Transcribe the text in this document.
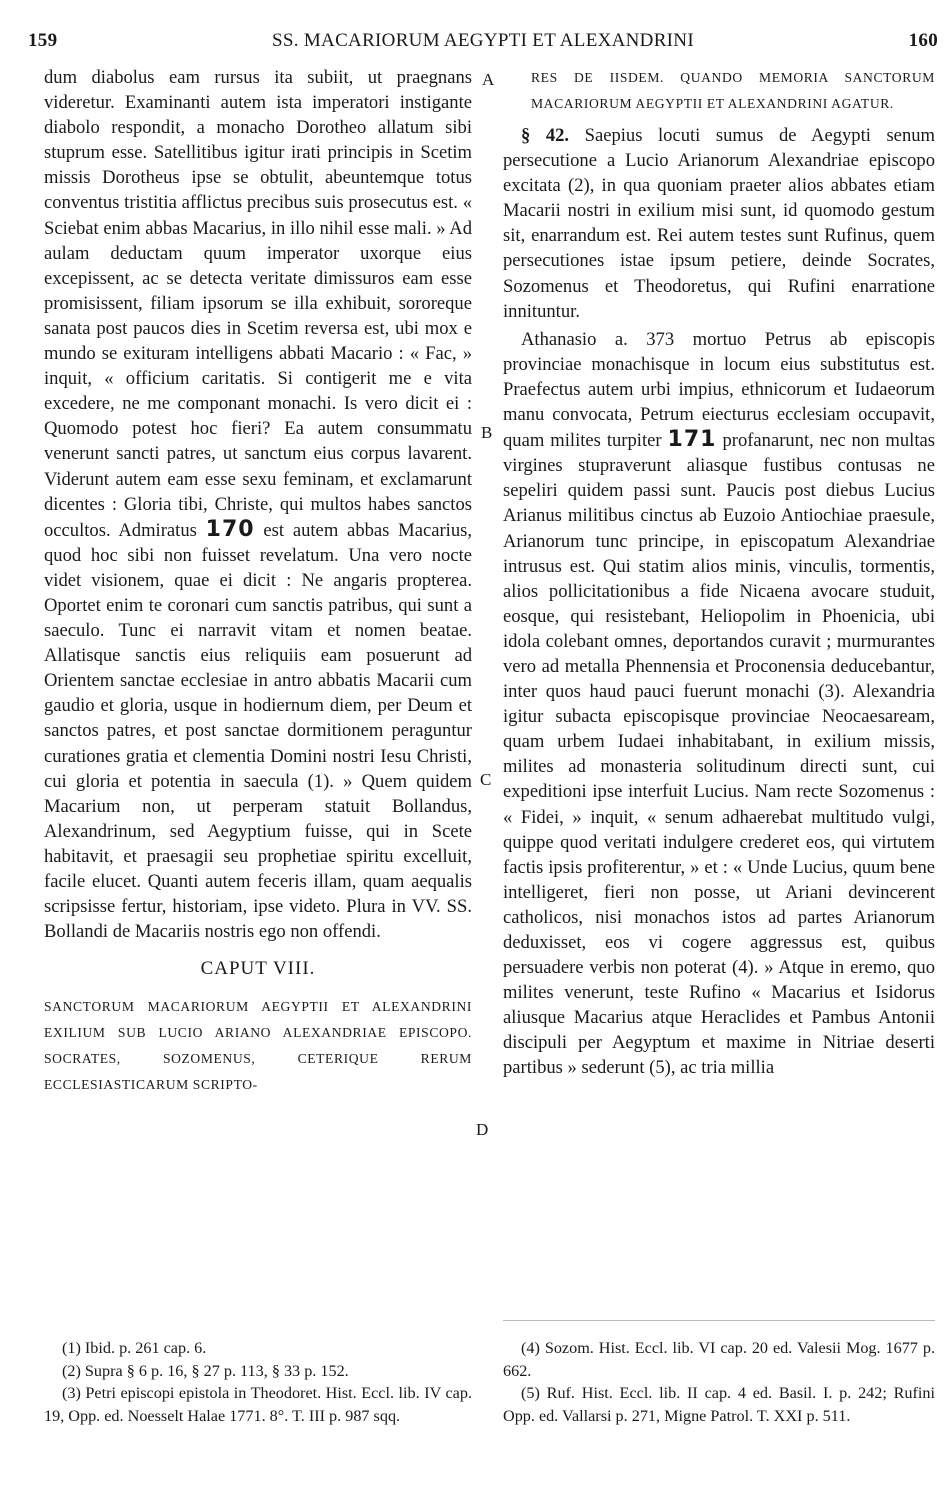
159	SS. MACARIORUM AEGYPTI ET ALEXANDRINI	160
A
B
C
D

dum diabolus eam rursus ita subiit, ut praegnans videretur. Examinanti autem ista imperatori instigante diabolo respondit, a monacho Dorotheo allatum sibi stuprum esse. Satellitibus igitur irati principis in Scetim missis Dorotheus ipse se obtulit, abeuntemque totus conventus tristitia afflictus precibus suis prosecutus est. « Sciebat enim abbas Macarius, in illo nihil esse mali. » Ad aulam deductam quum imperator uxorque eius excepissent, ac se detecta veritate dimissuros eam esse promisissent, filiam ipsorum se illa exhibuit, sororeque sanata post paucos dies in Scetim reversa est, ubi mox e mundo se exituram intelligens abbati Macario : « Fac, » inquit, « officium caritatis. Si contigerit me e vita excedere, ne me componant monachi. Is vero dicit ei : Quomodo potest hoc fieri? Ea autem consummatu venerunt sancti patres, ut sanctum eius corpus lavarent. Viderunt autem eam esse sexu feminam, et exclamarunt dicentes : Gloria tibi, Christe, qui multos habes sanctos occultos. Admiratus 170 est autem abbas Macarius, quod hoc sibi non fuisset revelatum. Una vero nocte videt visionem, quae ei dicit : Ne angaris propterea. Oportet enim te coronari cum sanctis patribus, qui sunt a saeculo. Tunc ei narravit vitam et nomen beatae. Allatisque sanctis eius reliquiis eam posuerunt ad Orientem sanctae ecclesiae in antro abbatis Macarii cum gaudio et gloria, usque in hodiernum diem, per Deum et sanctos patres, et post sanctae dormitionem peraguntur curationes gratia et clementia Domini nostri Iesu Christi, cui gloria et potentia in saecula (1). » Quem quidem Macarium non, ut perperam statuit Bollandus, Alexandrinum, sed Aegyptium fuisse, qui in Scete habitavit, et praesagii seu prophetiae spiritu excelluit, facile elucet. Quanti autem feceris illam, quam aequalis scripsisse fertur, historiam, ipse videto. Plura in VV. SS. Bollandi de Macariis nostris ego non offendi.

CAPUT VIII.

SANCTORUM MACARIORUM AEGYPTII ET ALEXANDRINI EXILIUM SUB LUCIO ARIANO ALEXANDRIAE EPISCOPO. SOCRATES, SOZOMENUS, CETERIQUE RERUM ECCLESIASTICARUM SCRIPTO-

RES DE IISDEM. QUANDO MEMORIA SANCTORUM MACARIORUM AEGYPTII ET ALEXANDRINI AGATUR.

§ 42. Saepius locuti sumus de Aegypti senum persecutione a Lucio Arianorum Alexandriae episcopo excitata (2), in qua quoniam praeter alios abbates etiam Macarii nostri in exilium misi sunt, id quomodo gestum sit, enarrandum est. Rei autem testes sunt Rufinus, quem persecutiones istae ipsum petiere, deinde Socrates, Sozomenus et Theodoretus, qui Rufini enarratione innituntur.

Athanasio a. 373 mortuo Petrus ab episcopis provinciae monachisque in locum eius substitutus est. Praefectus autem urbi impius, ethnicorum et Iudaeorum manu convocata, Petrum eiecturus ecclesiam occupavit, quam milites turpiter 171 profanarunt, nec non multas virgines stupraverunt aliasque fustibus contusas ne sepeliri quidem passi sunt. Paucis post diebus Lucius Arianus militibus cinctus ab Euzoio Antiochiae praesule, Arianorum tunc principe, in episcopatum Alexandriae intrusus est. Qui statim alios minis, vinculis, tormentis, alios pollicitationibus a fide Nicaena avocare studuit, eosque, qui resistebant, Heliopolim in Phoenicia, ubi idola colebant omnes, deportandos curavit ; murmurantes vero ad metalla Phennensia et Proconensia deducebantur, inter quos haud pauci fuerunt monachi (3). Alexandria igitur subacta episcopisque provinciae Neocaesaream, quam urbem Iudaei inhabitabant, in exilium missis, milites ad monasteria solitudinum directi sunt, cui expeditioni ipse interfuit Lucius. Nam recte Sozomenus : « Fidei, » inquit, « senum adhaerebat multitudo vulgi, quippe quod veritati indulgere crederet eos, qui virtutem factis ipsis profiterentur, » et : « Unde Lucius, quum bene intelligeret, fieri non posse, ut Ariani devincerent catholicos, nisi monachos istos ad partes Arianorum deduxisset, eos vi cogere aggressus est, quibus persuadere verbis non poterat (4). » Atque in eremo, quo milites venerunt, teste Rufino « Macarius et Isidorus aliusque Macarius atque Heraclides et Pambus Antonii discipuli per Aegyptum et maxime in Nitriae deserti partibus » sederunt (5), ac tria millia

(1) Ibid. p. 261 cap. 6.

(2) Supra § 6 p. 16, § 27 p. 113, § 33 p. 152.

(3) Petri episcopi epistola in Theodoret. Hist. Eccl. lib. IV cap. 19, Opp. ed. Noesselt Halae 1771. 8°. T. III p. 987 sqq.

(4) Sozom. Hist. Eccl. lib. VI cap. 20 ed. Valesii Mog. 1677 p. 662.

(5) Ruf. Hist. Eccl. lib. II cap. 4 ed. Basil. I. p. 242; Rufini Opp. ed. Vallarsi p. 271, Migne Patrol. T. XXI p. 511.
